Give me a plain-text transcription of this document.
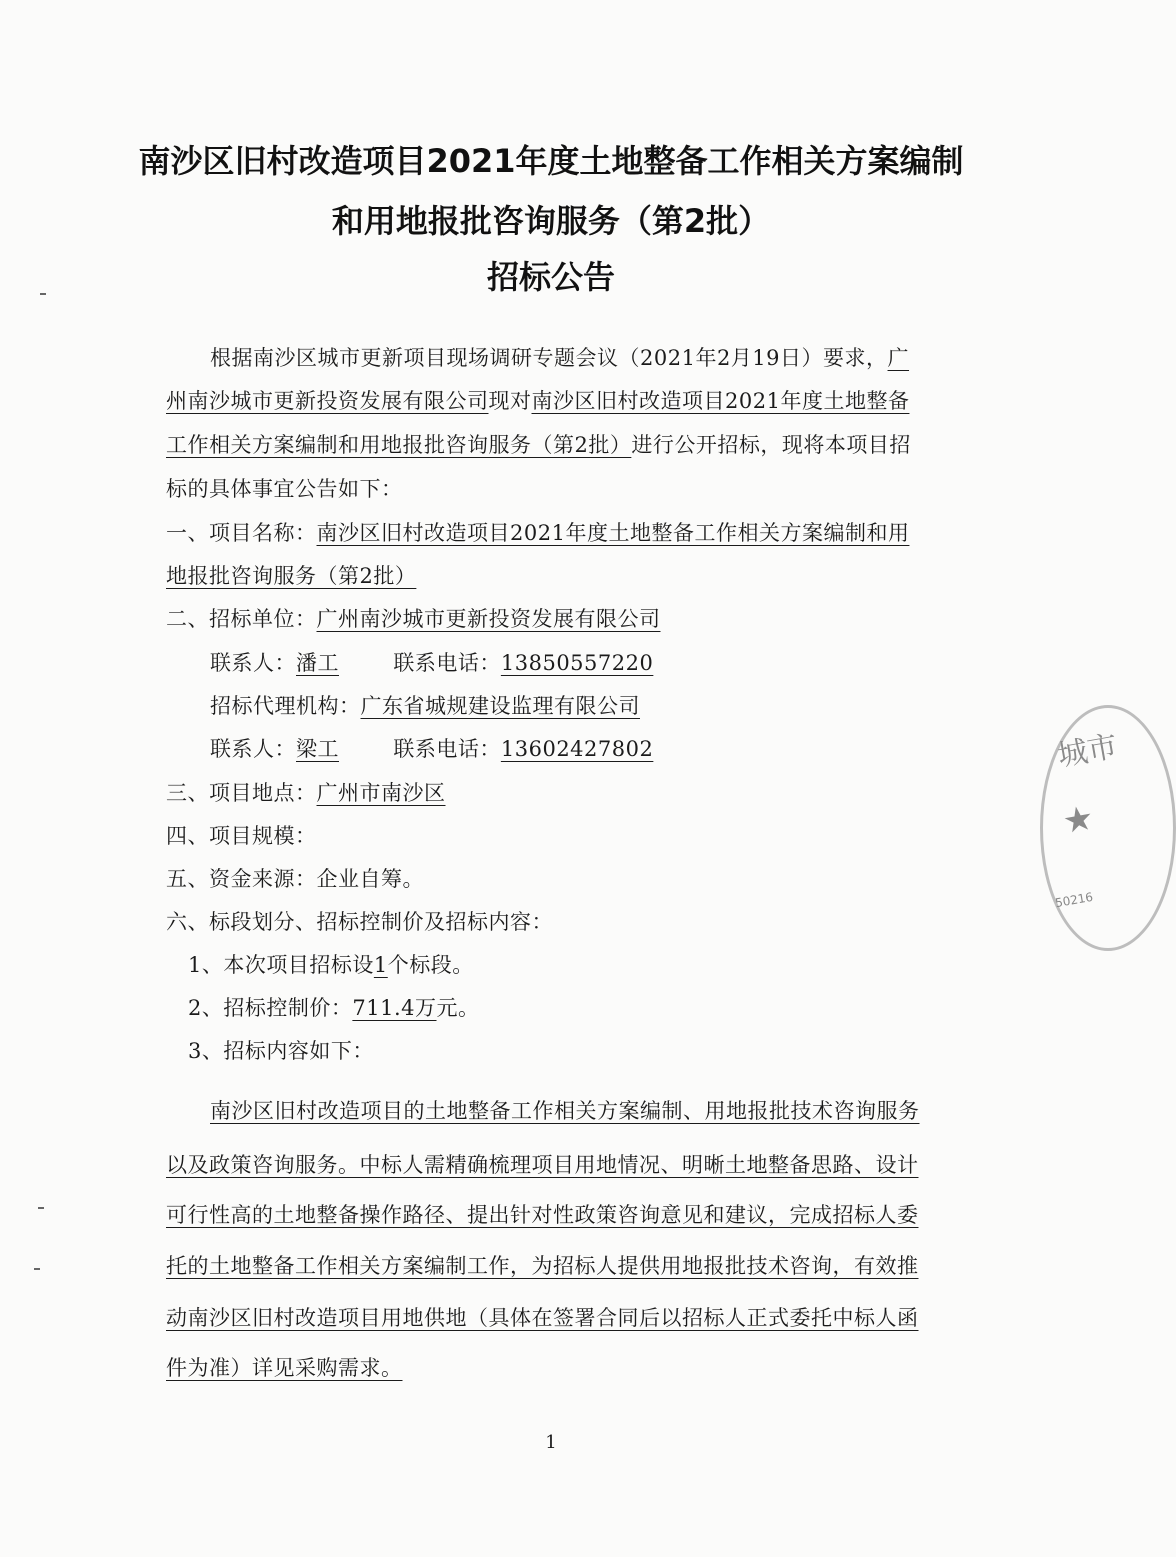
南沙区旧村改造项目2021年度土地整备工作相关方案编制
和用地报批咨询服务（第2批）
招标公告
根据南沙区城市更新项目现场调研专题会议（2021年2月19日）要求，广
州南沙城市更新投资发展有限公司现对南沙区旧村改造项目2021年度土地整备
工作相关方案编制和用地报批咨询服务（第2批）进行公开招标，现将本项目招
标的具体事宜公告如下：
一、项目名称：南沙区旧村改造项目2021年度土地整备工作相关方案编制和用
地报批咨询服务（第2批）
二、招标单位：广州南沙城市更新投资发展有限公司
联系人：潘工	联系电话：13850557220
招标代理机构：广东省城规建设监理有限公司
联系人：梁工	联系电话：13602427802
三、项目地点：广州市南沙区
四、项目规模：
五、资金来源：企业自筹。
六、标段划分、招标控制价及招标内容：
1、本次项目招标设1个标段。
2、招标控制价：711.4万元。
3、招标内容如下：
南沙区旧村改造项目的土地整备工作相关方案编制、用地报批技术咨询服务
以及政策咨询服务。中标人需精确梳理项目用地情况、明晰土地整备思路、设计
可行性高的土地整备操作路径、提出针对性政策咨询意见和建议，完成招标人委
托的土地整备工作相关方案编制工作，为招标人提供用地报批技术咨询，有效推
动南沙区旧村改造项目用地供地（具体在签署合同后以招标人正式委托中标人函
件为准）详见采购需求。
城市
★
50216
1
